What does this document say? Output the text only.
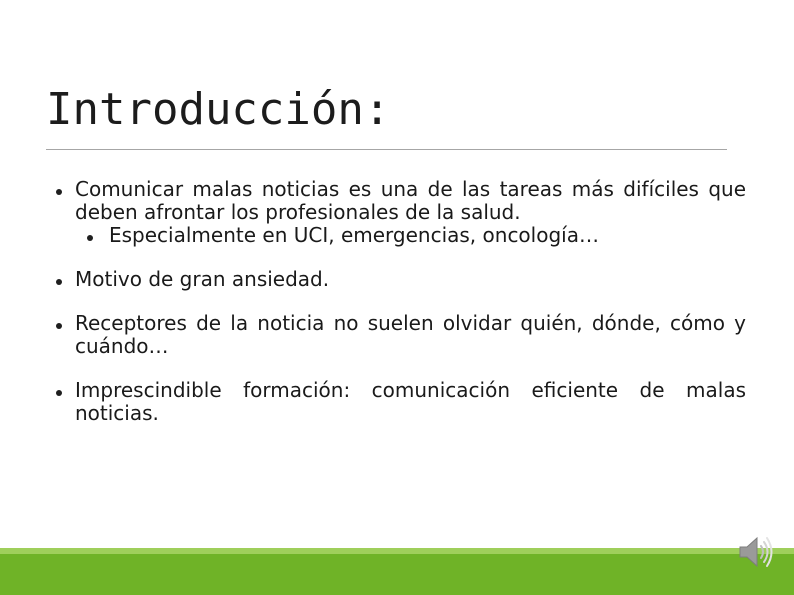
Introducción:

Comunicar malas noticias es una de las tareas más difíciles que deben afrontar los profesionales de la salud.

Especialmente en UCI, emergencias, oncología…

Motivo de gran ansiedad.

Receptores de la noticia no suelen olvidar quién, dónde, cómo y cuándo…

Imprescindible formación: comunicación eficiente de malas noticias.
